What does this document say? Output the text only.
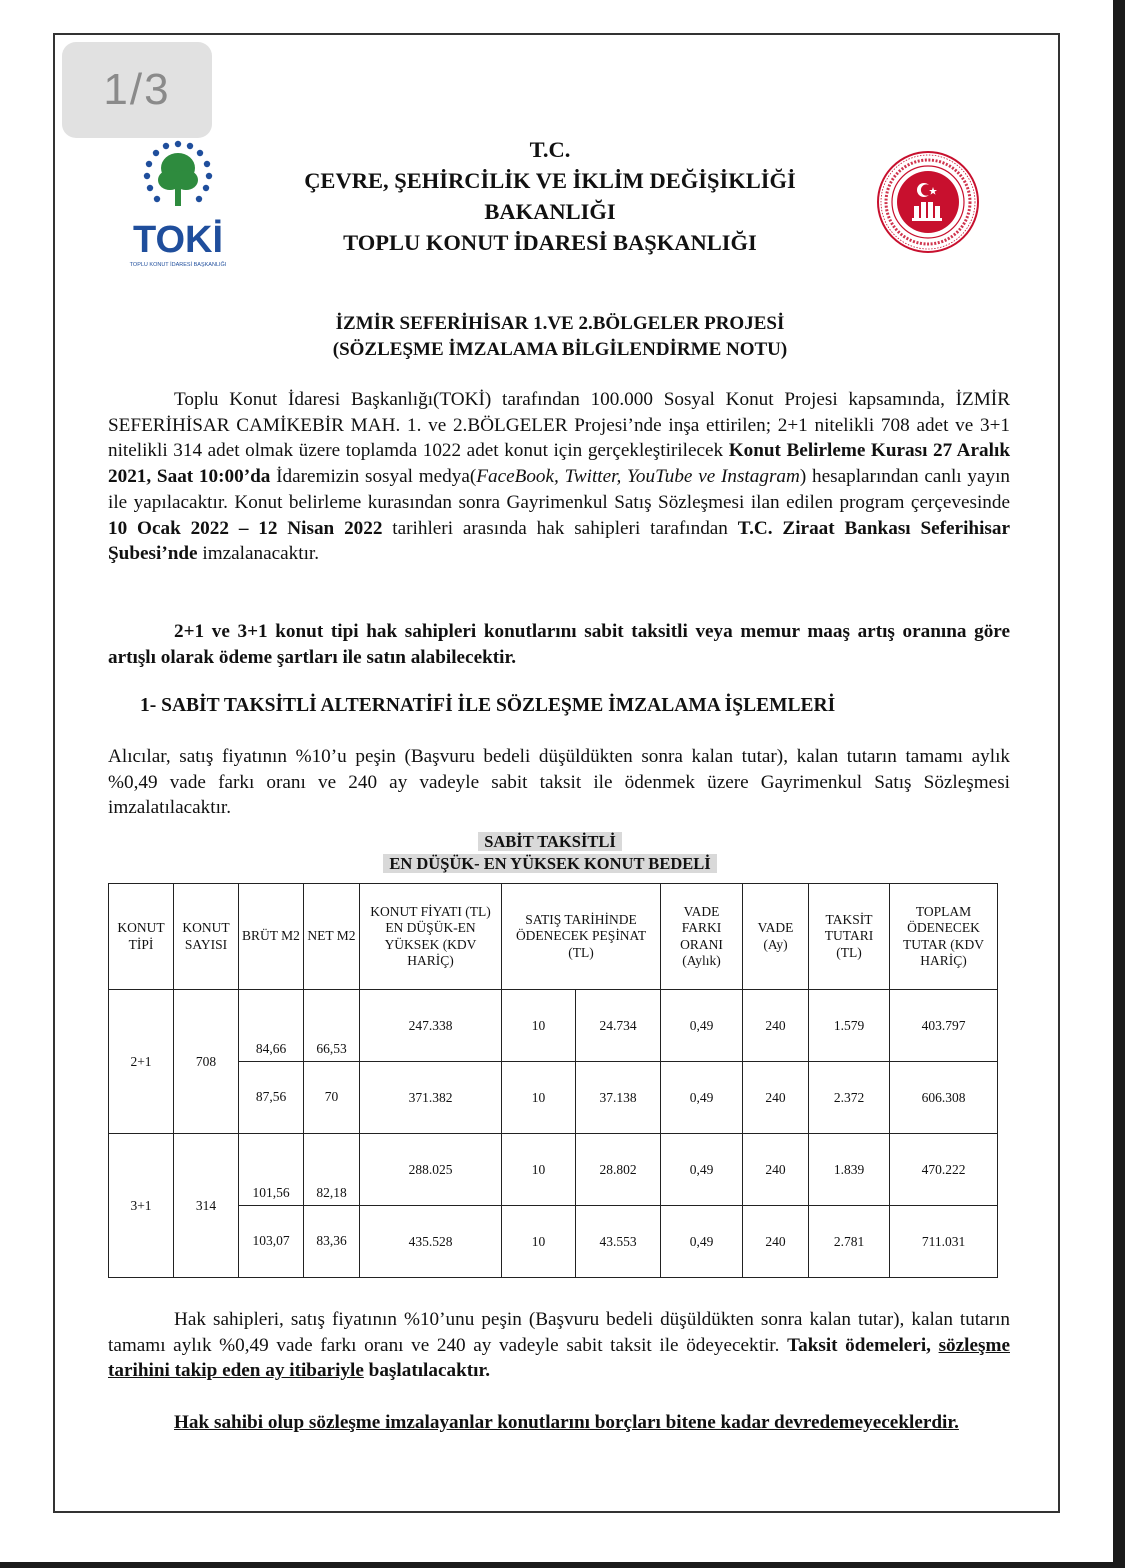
1/3
TOKİ
TOPLU KONUT İDARESİ BAŞKANLIĞI
T.C.
ÇEVRE, ŞEHİRCİLİK VE İKLİM DEĞİŞİKLİĞİ
BAKANLIĞI
TOPLU KONUT İDARESİ BAŞKANLIĞI
İZMİR SEFERİHİSAR 1.VE 2.BÖLGELER PROJESİ
(SÖZLEŞME İMZALAMA BİLGİLENDİRME NOTU)
Toplu Konut İdaresi Başkanlığı(TOKİ) tarafından 100.000 Sosyal Konut Projesi kapsamında, İZMİR SEFERİHİSAR CAMİKEBİR MAH. 1. ve 2.BÖLGELER Projesi’nde inşa ettirilen; 2+1 nitelikli 708 adet ve 3+1 nitelikli 314 adet olmak üzere toplamda 1022 adet konut için gerçekleştirilecek Konut Belirleme Kurası 27 Aralık 2021, Saat 10:00’da İdaremizin sosyal medya(FaceBook, Twitter, YouTube ve Instagram) hesaplarından canlı yayın ile yapılacaktır. Konut belirleme kurasından sonra Gayrimenkul Satış Sözleşmesi ilan edilen program çerçevesinde 10 Ocak 2022 – 12 Nisan 2022 tarihleri arasında hak sahipleri tarafından T.C. Ziraat Bankası Seferihisar Şubesi’nde imzalanacaktır.
2+1 ve 3+1 konut tipi hak sahipleri konutlarını sabit taksitli veya memur maaş artış oranına göre artışlı olarak ödeme şartları ile satın alabilecektir.
1- SABİT TAKSİTLİ ALTERNATİFİ İLE SÖZLEŞME İMZALAMA İŞLEMLERİ
Alıcılar, satış fiyatının %10’u peşin (Başvuru bedeli düşüldükten sonra kalan tutar), kalan tutarın tamamı aylık %0,49 vade farkı oranı ve 240 ay vadeyle sabit taksit ile ödenmek üzere Gayrimenkul Satış Sözleşmesi imzalatılacaktır.
SABİT TAKSİTLİ
EN DÜŞÜK- EN YÜKSEK KONUT BEDELİ
KONUT TİPİ	KONUT SAYISI	BRÜT M2	NET M2	KONUT FİYATI (TL) EN DÜŞÜK-EN YÜKSEK (KDV HARİÇ)	SATIŞ TARİHİNDE ÖDENECEK PEŞİNAT (TL)		VADE FARKI ORANI (Aylık)	VADE (Ay)	TAKSİT TUTARI (TL)	TOPLAM ÖDENECEK TUTAR (KDV HARİÇ)
2+1	708	84,66	66,53	247.338	10	24.734	0,49	240	1.579	403.797
		87,56	70	371.382	10	37.138	0,49	240	2.372	606.308
3+1	314	101,56	82,18	288.025	10	28.802	0,49	240	1.839	470.222
		103,07	83,36	435.528	10	43.553	0,49	240	2.781	711.031
Hak sahipleri, satış fiyatının %10’unu peşin (Başvuru bedeli düşüldükten sonra kalan tutar), kalan tutarın tamamı aylık %0,49 vade farkı oranı ve 240 ay vadeyle sabit taksit ile ödeyecektir. Taksit ödemeleri, sözleşme tarihini takip eden ay itibariyle başlatılacaktır.
Hak sahibi olup sözleşme imzalayanlar konutlarını borçları bitene kadar devredemeyeceklerdir.
